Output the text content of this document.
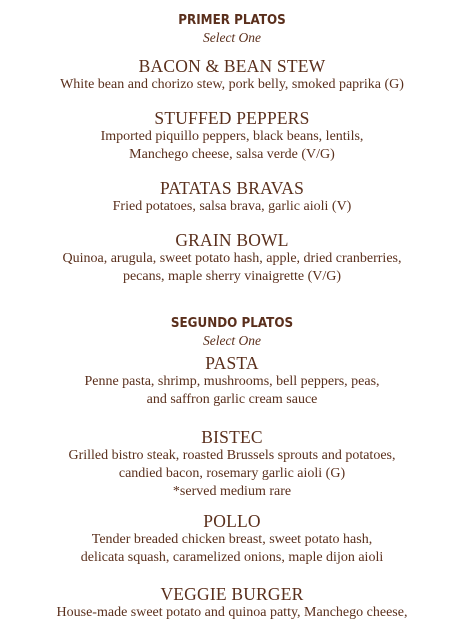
PRIMER PLATOS
Select One
BACON & BEAN STEW
White bean and chorizo stew, pork belly, smoked paprika (G)
STUFFED PEPPERS
Imported piquillo peppers, black beans, lentils,
Manchego cheese, salsa verde (V/G)
PATATAS BRAVAS
Fried potatoes, salsa brava, garlic aioli (V)
GRAIN BOWL
Quinoa, arugula, sweet potato hash, apple, dried cranberries,
pecans, maple sherry vinaigrette (V/G)
SEGUNDO PLATOS
Select One
PASTA
Penne pasta, shrimp, mushrooms, bell peppers, peas,
and saffron garlic cream sauce
BISTEC
Grilled bistro steak, roasted Brussels sprouts and potatoes,
candied bacon, rosemary garlic aioli (G)
*served medium rare
POLLO
Tender breaded chicken breast, sweet potato hash,
delicata squash, caramelized onions, maple dijon aioli
VEGGIE BURGER
House-made sweet potato and quinoa patty, Manchego cheese,
